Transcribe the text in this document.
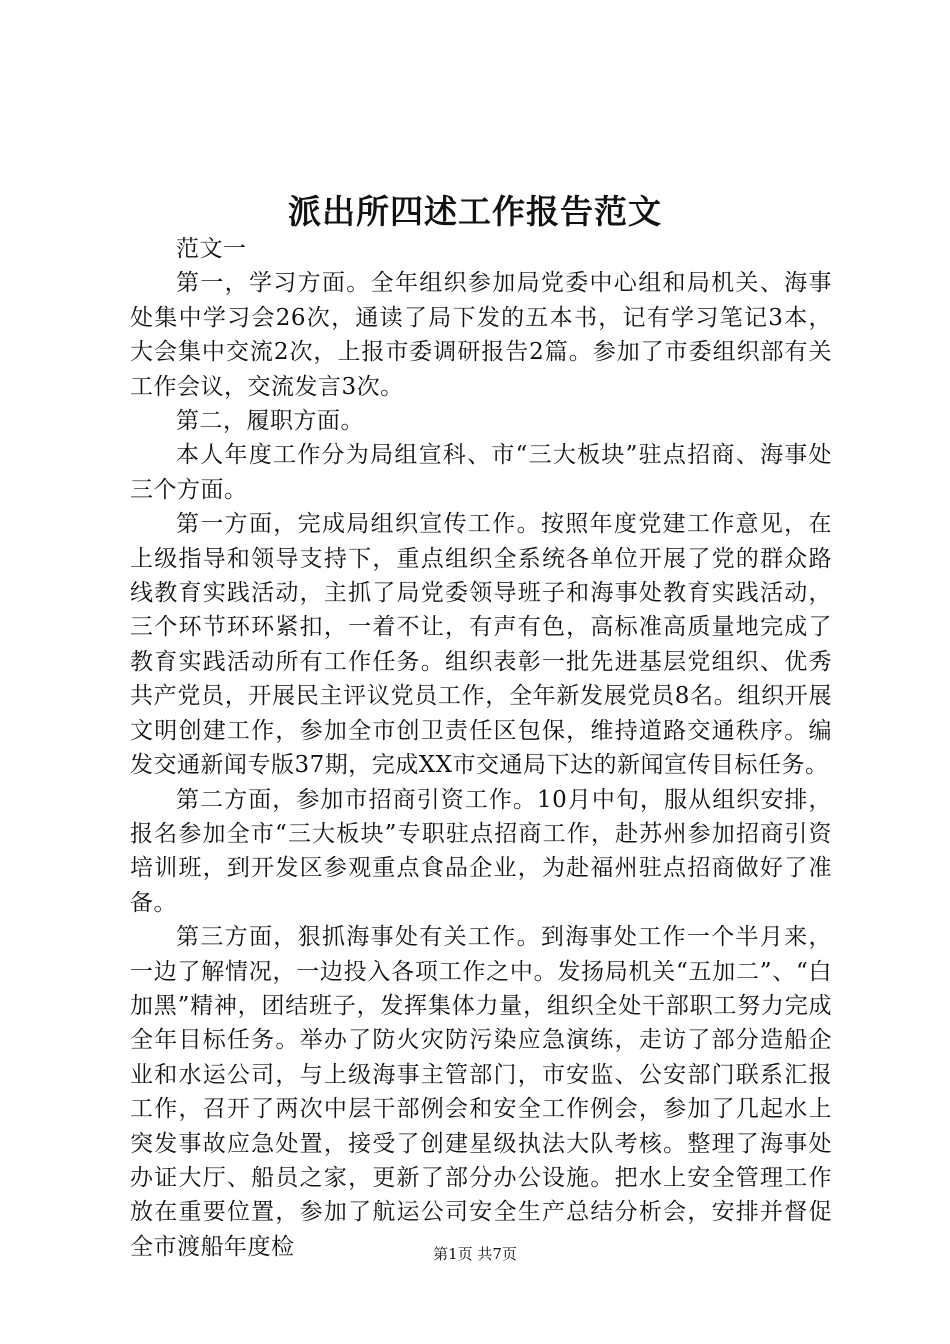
派出所四述工作报告范文

范文一

第一，学习方面。全年组织参加局党委中心组和局机关、海事处集中学习会26次，通读了局下发的五本书，记有学习笔记3本，大会集中交流2次，上报市委调研报告2篇。参加了市委组织部有关工作会议，交流发言3次。

第二，履职方面。

本人年度工作分为局组宣科、市“三大板块”驻点招商、海事处三个方面。

第一方面，完成局组织宣传工作。按照年度党建工作意见，在上级指导和领导支持下，重点组织全系统各单位开展了党的群众路线教育实践活动，主抓了局党委领导班子和海事处教育实践活动，三个环节环环紧扣，一着不让，有声有色，高标准高质量地完成了教育实践活动所有工作任务。组织表彰一批先进基层党组织、优秀共产党员，开展民主评议党员工作，全年新发展党员8名。组织开展文明创建工作，参加全市创卫责任区包保，维持道路交通秩序。编发交通新闻专版37期，完成XX市交通局下达的新闻宣传目标任务。

第二方面，参加市招商引资工作。10月中旬，服从组织安排，报名参加全市“三大板块”专职驻点招商工作，赴苏州参加招商引资培训班，到开发区参观重点食品企业，为赴福州驻点招商做好了准备。

第三方面，狠抓海事处有关工作。到海事处工作一个半月来，一边了解情况，一边投入各项工作之中。发扬局机关“五加二”、“白加黑”精神，团结班子，发挥集体力量，组织全处干部职工努力完成全年目标任务。举办了防火灾防污染应急演练，走访了部分造船企业和水运公司，与上级海事主管部门，市安监、公安部门联系汇报工作，召开了两次中层干部例会和安全工作例会，参加了几起水上突发事故应急处置，接受了创建星级执法大队考核。整理了海事处办证大厅、船员之家，更新了部分办公设施。把水上安全管理工作放在重要位置，参加了航运公司安全生产总结分析会，安排并督促全市渡船年度检	第1页 共7页
